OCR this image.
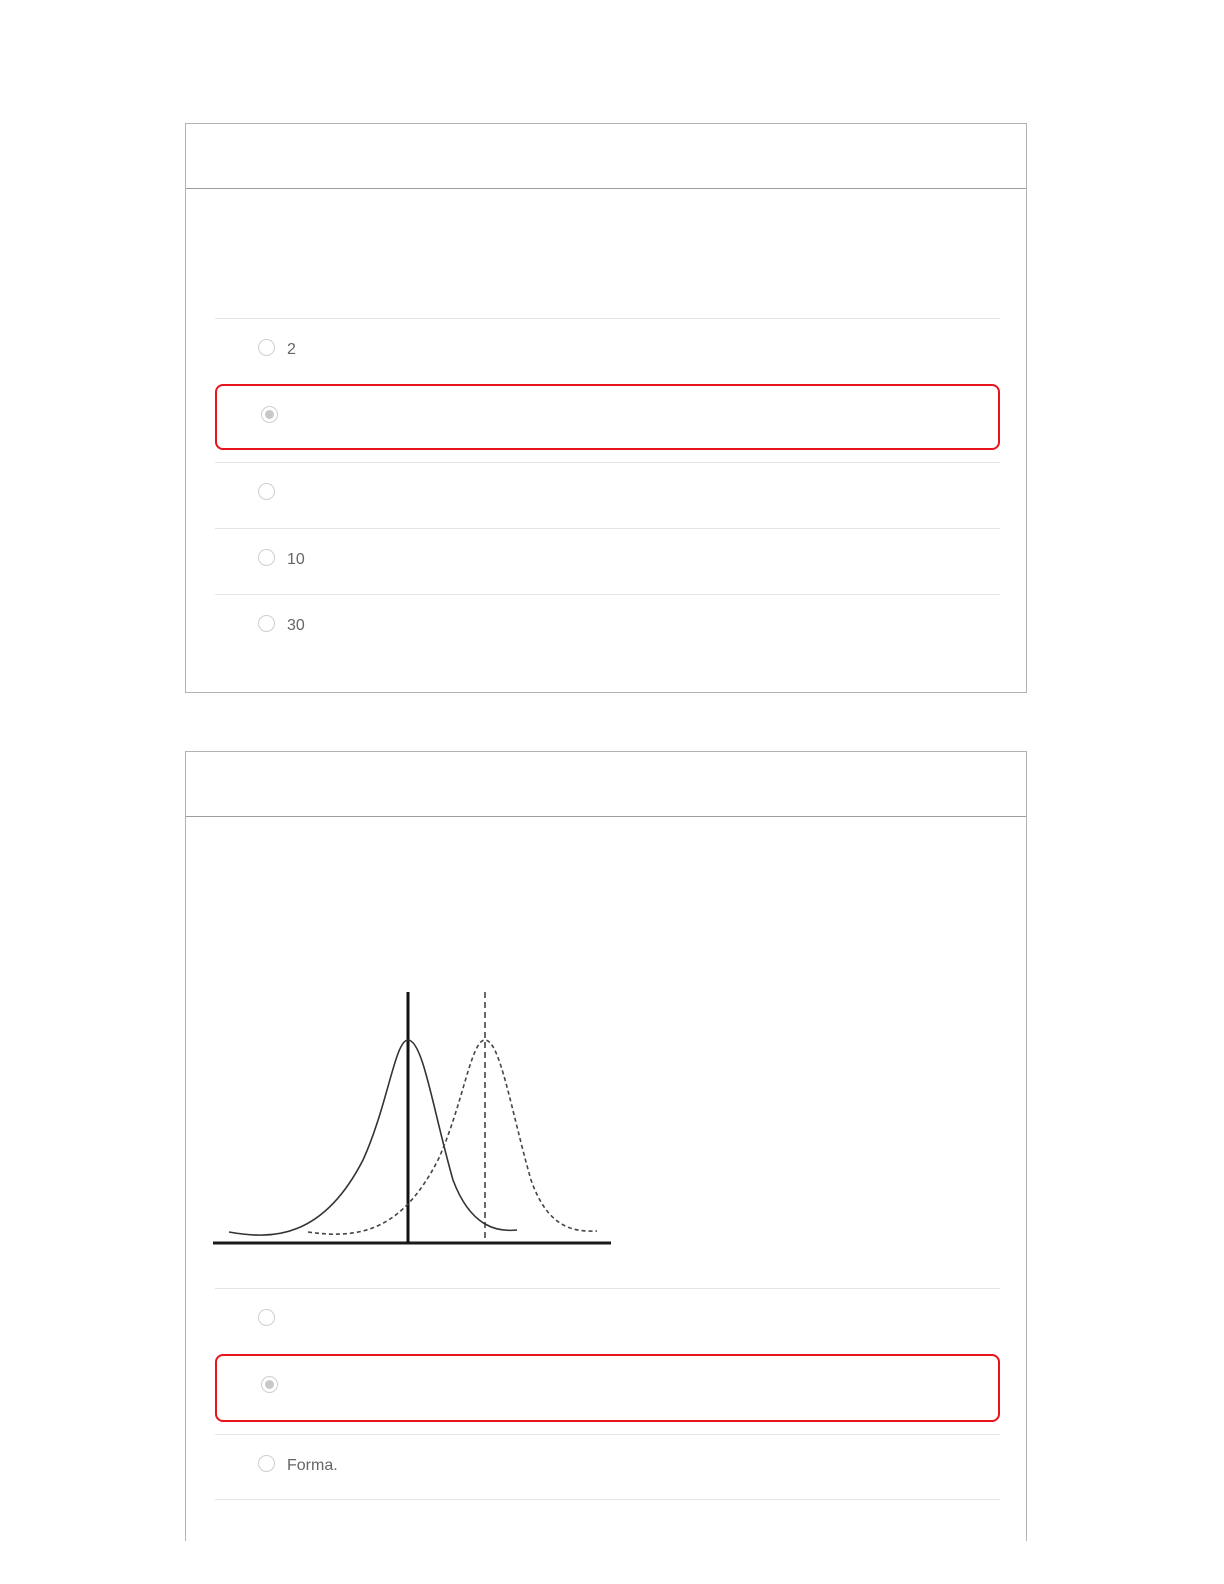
2
10
30
Forma.
